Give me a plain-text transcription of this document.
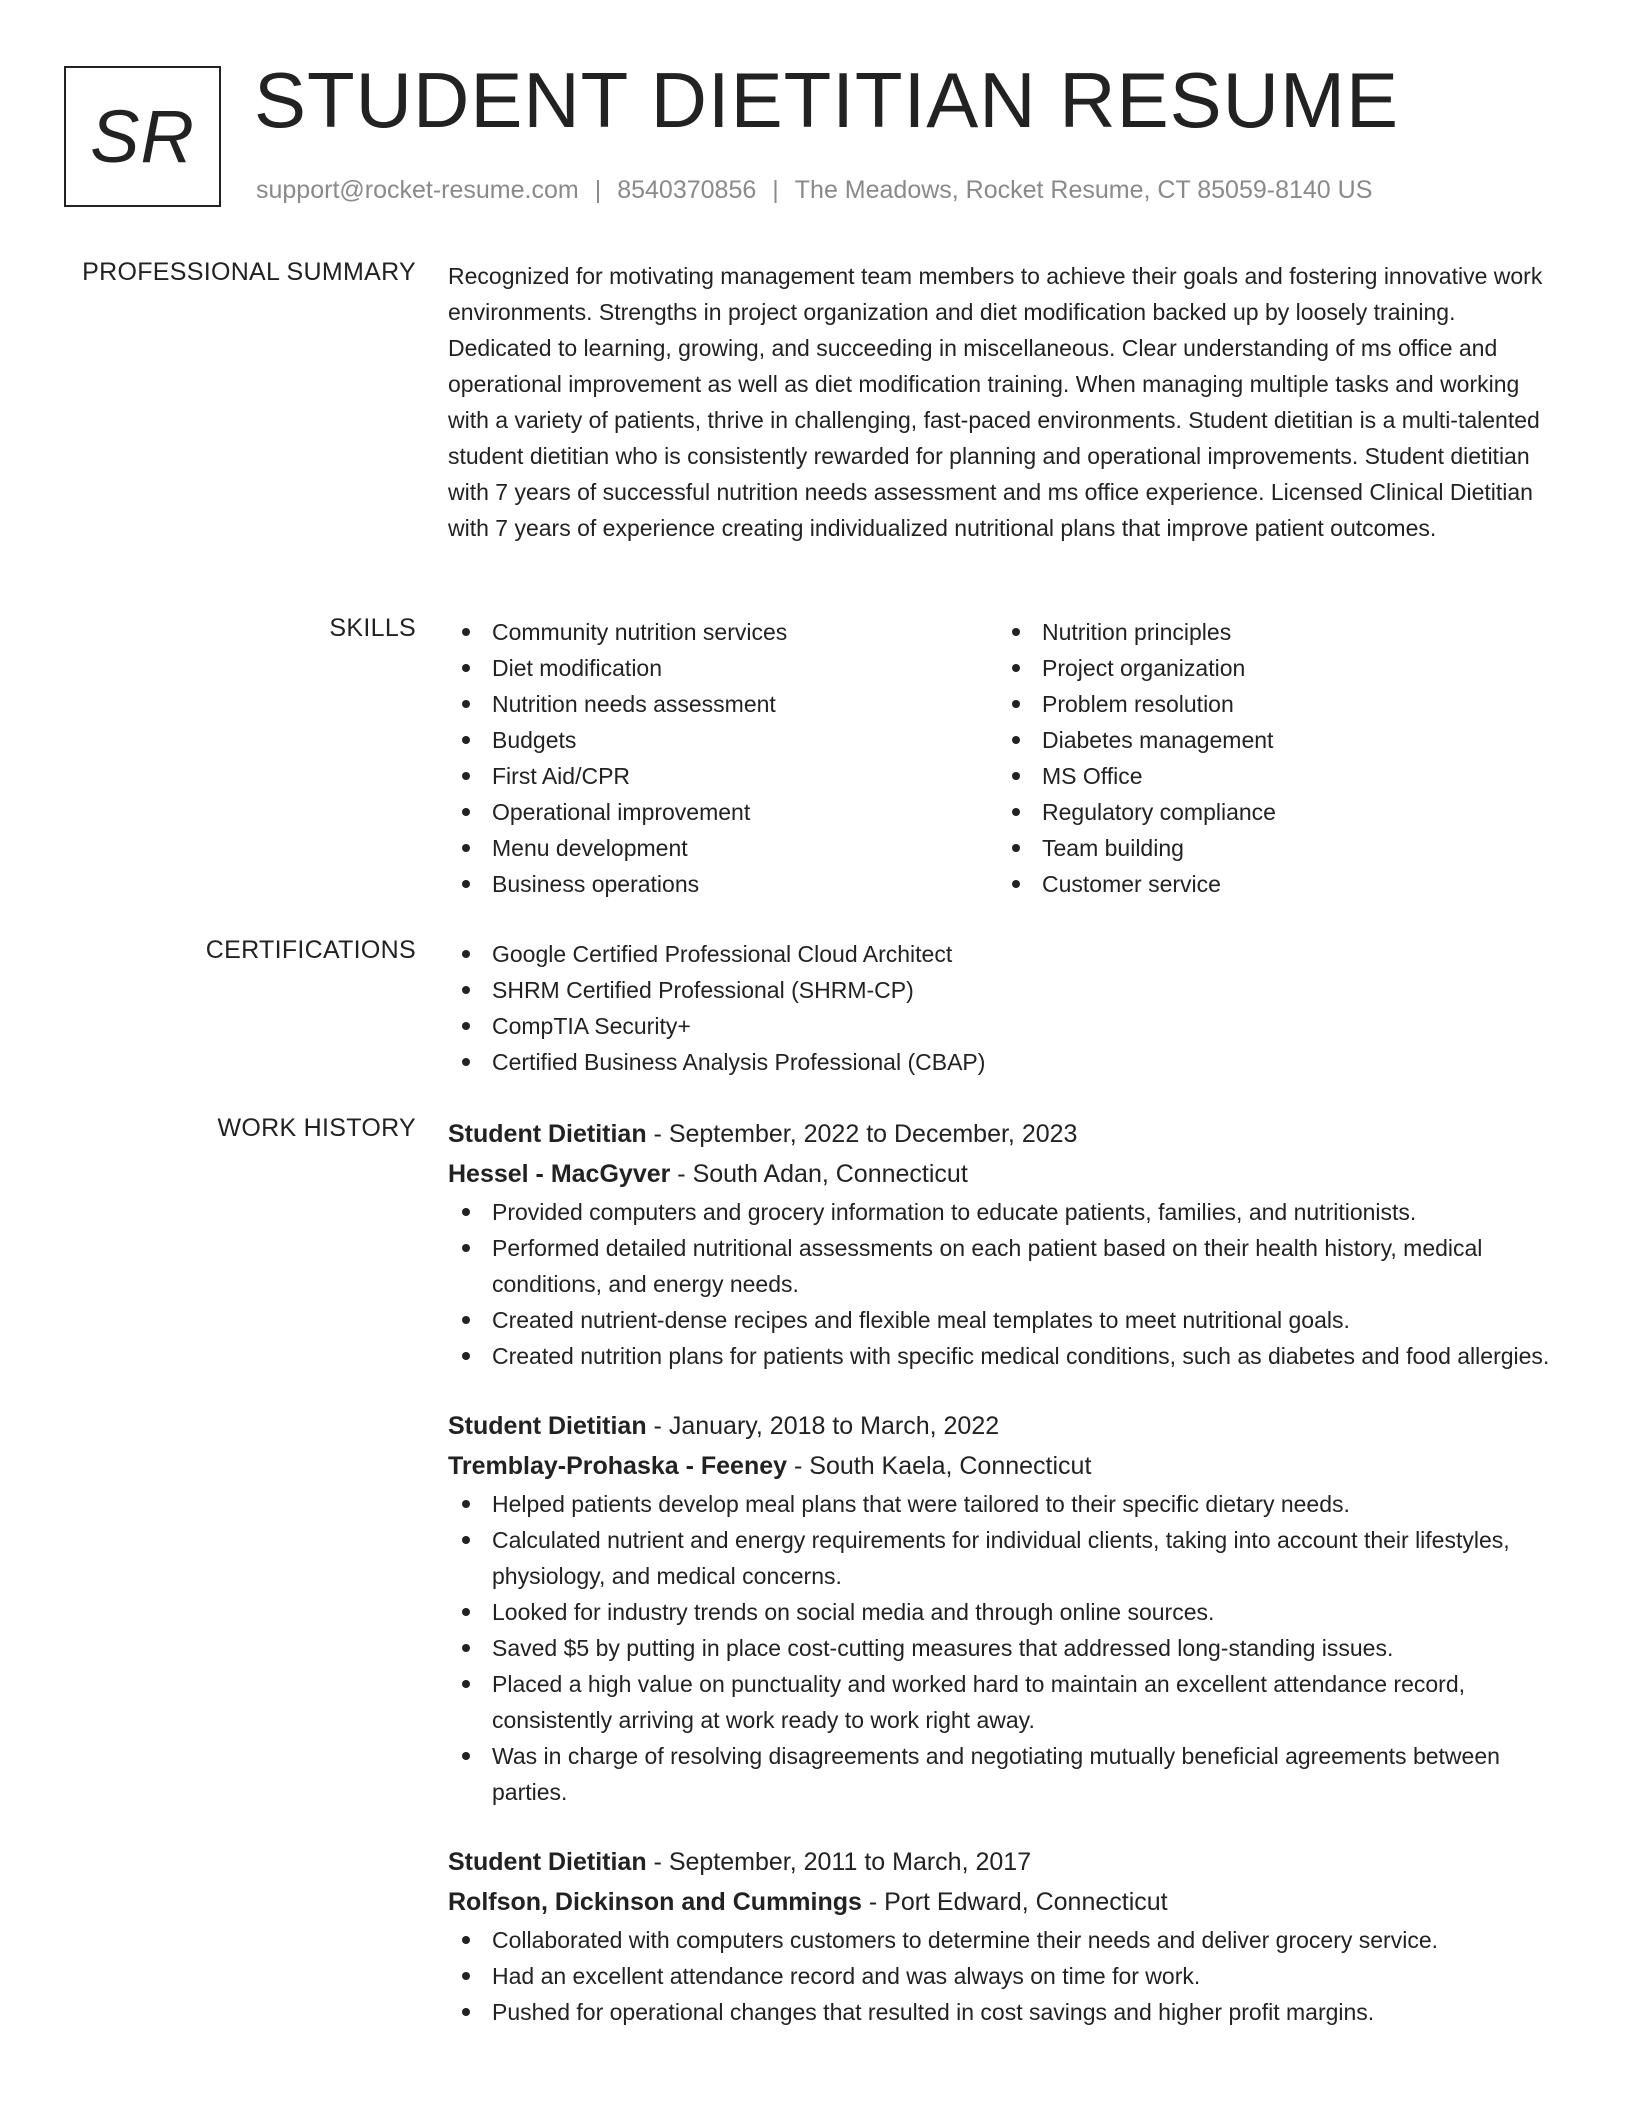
SR STUDENT DIETITIAN RESUME
support@rocket-resume.com | 8540370856 | The Meadows, Rocket Resume, CT 85059-8140 US
PROFESSIONAL SUMMARY Recognized for motivating management team members to achieve their goals and fostering innovative work environments. Strengths in project organization and diet modification backed up by loosely training. Dedicated to learning, growing, and succeeding in miscellaneous. Clear understanding of ms office and operational improvement as well as diet modification training. When managing multiple tasks and working with a variety of patients, thrive in challenging, fast-paced environments. Student dietitian is a multi-talented student dietitian who is consistently rewarded for planning and operational improvements. Student dietitian with 7 years of successful nutrition needs assessment and ms office experience. Licensed Clinical Dietitian with 7 years of experience creating individualized nutritional plans that improve patient outcomes.

SKILLS	Community nutrition services
Diet modification
Nutrition needs assessment
Budgets
First Aid/CPR
Operational improvement
Menu development
Business operations
Nutrition principles
Project organization
Problem resolution
Diabetes management
MS Office
Regulatory compliance
Team building
Customer service
CERTIFICATIONS	Google Certified Professional Cloud Architect
SHRM Certified Professional (SHRM-CP)
CompTIA Security+
Certified Business Analysis Professional (CBAP)
WORK HISTORY Student Dietitian - September, 2022 to December, 2023
Hessel - MacGyver - South Adan, Connecticut
Provided computers and grocery information to educate patients, families, and nutritionists.
Performed detailed nutritional assessments on each patient based on their health history, medical conditions, and energy needs.
Created nutrient-dense recipes and flexible meal templates to meet nutritional goals.
Created nutrition plans for patients with specific medical conditions, such as diabetes and food allergies.
Student Dietitian - January, 2018 to March, 2022
Tremblay-Prohaska - Feeney - South Kaela, Connecticut
Helped patients develop meal plans that were tailored to their specific dietary needs.
Calculated nutrient and energy requirements for individual clients, taking into account their lifestyles, physiology, and medical concerns.
Looked for industry trends on social media and through online sources.
Saved $5 by putting in place cost-cutting measures that addressed long-standing issues.
Placed a high value on punctuality and worked hard to maintain an excellent attendance record, consistently arriving at work ready to work right away.
Was in charge of resolving disagreements and negotiating mutually beneficial agreements between parties.
Student Dietitian - September, 2011 to March, 2017
Rolfson, Dickinson and Cummings - Port Edward, Connecticut
Collaborated with computers customers to determine their needs and deliver grocery service.
Had an excellent attendance record and was always on time for work.
Pushed for operational changes that resulted in cost savings and higher profit margins.
